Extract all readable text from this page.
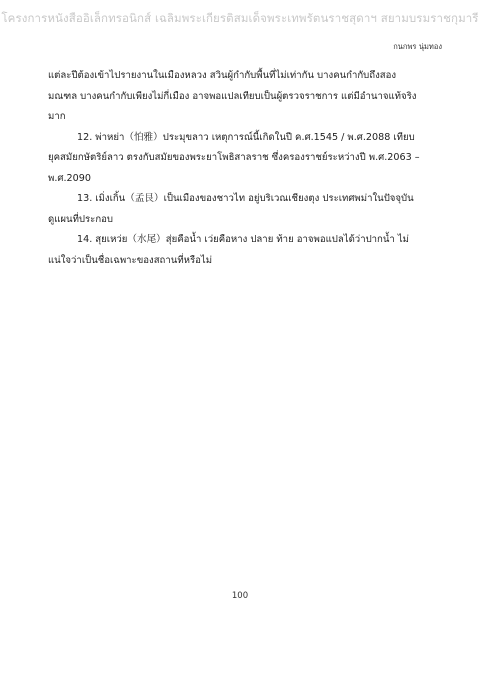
โครงการหนังสืออิเล็กทรอนิกส์ เฉลิมพระเกียรติสมเด็จพระเทพรัตนราชสุดาฯ สยามบรมราชกุมารี
กนกพร นุ่มทอง
แต่ละปีต้องเข้าไปรายงานในเมืองหลวง สวินผู้กำกับพื้นที่ไม่เท่ากัน บางคนกำกับถึงสอง
มณฑล บางคนกำกับเพียงไม่กี่เมือง อาจพอแปลเทียบเป็นผู้ตรวจราชการ แต่มีอำนาจแท้จริง
มาก
12. พ่าหย่า（怕雅）ประมุขลาว เหตุการณ์นี้เกิดในปี ค.ศ.1545 / พ.ศ.2088 เทียบ
ยุคสมัยกษัตริย์ลาว ตรงกับสมัยของพระยาโพธิสาลราช ซึ่งครองราชย์ระหว่างปี พ.ศ.2063 –
พ.ศ.2090
13. เมิ่งเกิ้น（孟艮）เป็นเมืองของชาวไท อยู่บริเวณเชียงตุง ประเทศพม่าในปัจจุบัน
ดูแผนที่ประกอบ
14. สุยเหว่ย（水尾）สุ่ยคือน้ำ เว่ยคือหาง ปลาย ท้าย อาจพอแปลได้ว่าปากน้ำ ไม่
แน่ใจว่าเป็นชื่อเฉพาะของสถานที่หรือไม่
100
